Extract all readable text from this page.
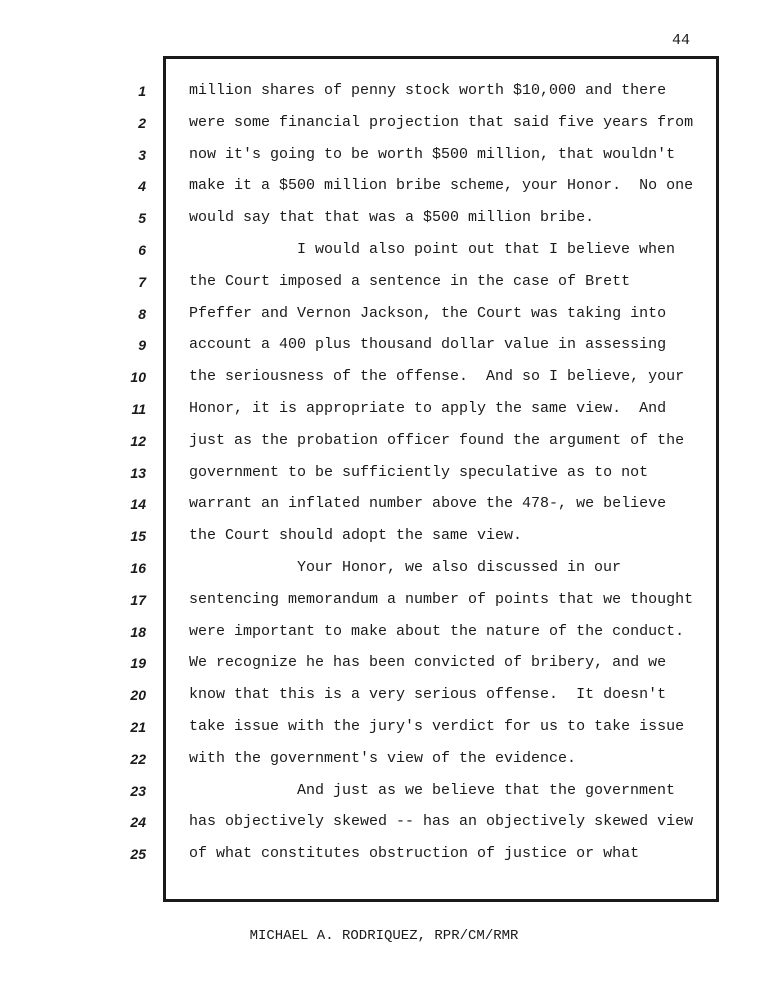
44
1
2
3
4
5
6
7
8
9
10
11
12
13
14
15
16
17
18
19
20
21
22
23
24
25
million shares of penny stock worth $10,000 and there
were some financial projection that said five years from
now it's going to be worth $500 million, that wouldn't
make it a $500 million bribe scheme, your Honor.  No one
would say that that was a $500 million bribe.
I would also point out that I believe when
the Court imposed a sentence in the case of Brett
Pfeffer and Vernon Jackson, the Court was taking into
account a 400 plus thousand dollar value in assessing
the seriousness of the offense.  And so I believe, your
Honor, it is appropriate to apply the same view.  And
just as the probation officer found the argument of the
government to be sufficiently speculative as to not
warrant an inflated number above the 478-, we believe
the Court should adopt the same view.
Your Honor, we also discussed in our
sentencing memorandum a number of points that we thought
were important to make about the nature of the conduct.
We recognize he has been convicted of bribery, and we
know that this is a very serious offense.  It doesn't
take issue with the jury's verdict for us to take issue
with the government's view of the evidence.
And just as we believe that the government
has objectively skewed -- has an objectively skewed view
of what constitutes obstruction of justice or what
MICHAEL A. RODRIQUEZ, RPR/CM/RMR
